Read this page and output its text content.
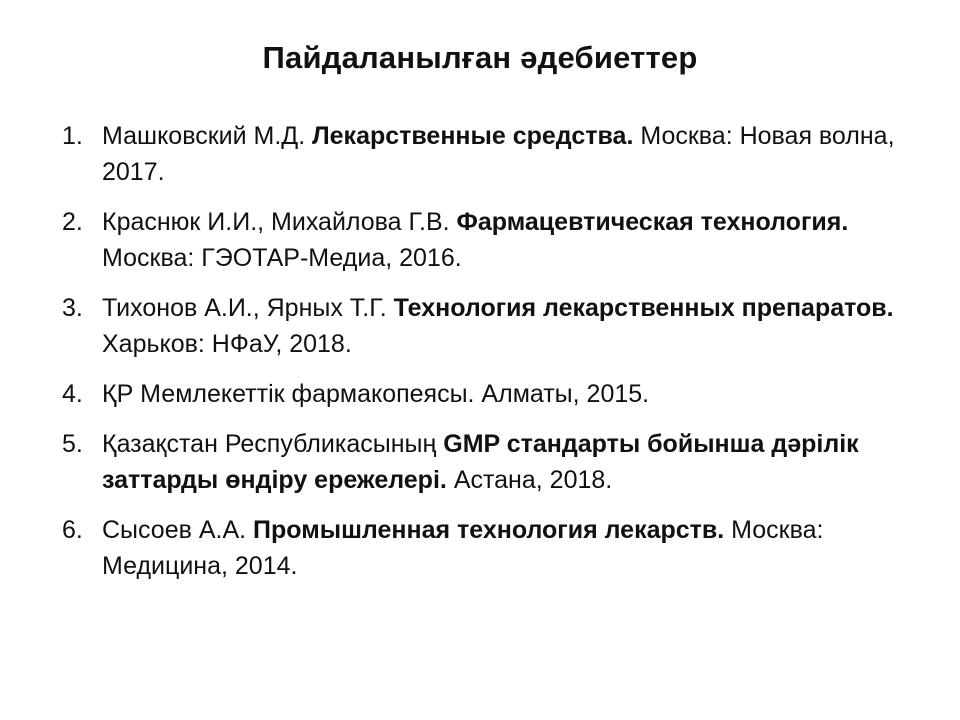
Пайдаланылған әдебиеттер
1. Машковский М.Д. Лекарственные средства. Москва: Новая волна, 2017.
2. Краснюк И.И., Михайлова Г.В. Фармацевтическая технология. Москва: ГЭОТАР-Медиа, 2016.
3. Тихонов А.И., Ярных Т.Г. Технология лекарственных препаратов. Харьков: НФаУ, 2018.
4. ҚР Мемлекеттік фармакопеясы. Алматы, 2015.
5. Қазақстан Республикасының GMP стандарты бойынша дәрілік заттарды өндіру ережелері. Астана, 2018.
6. Сысоев А.А. Промышленная технология лекарств. Москва: Медицина, 2014.
